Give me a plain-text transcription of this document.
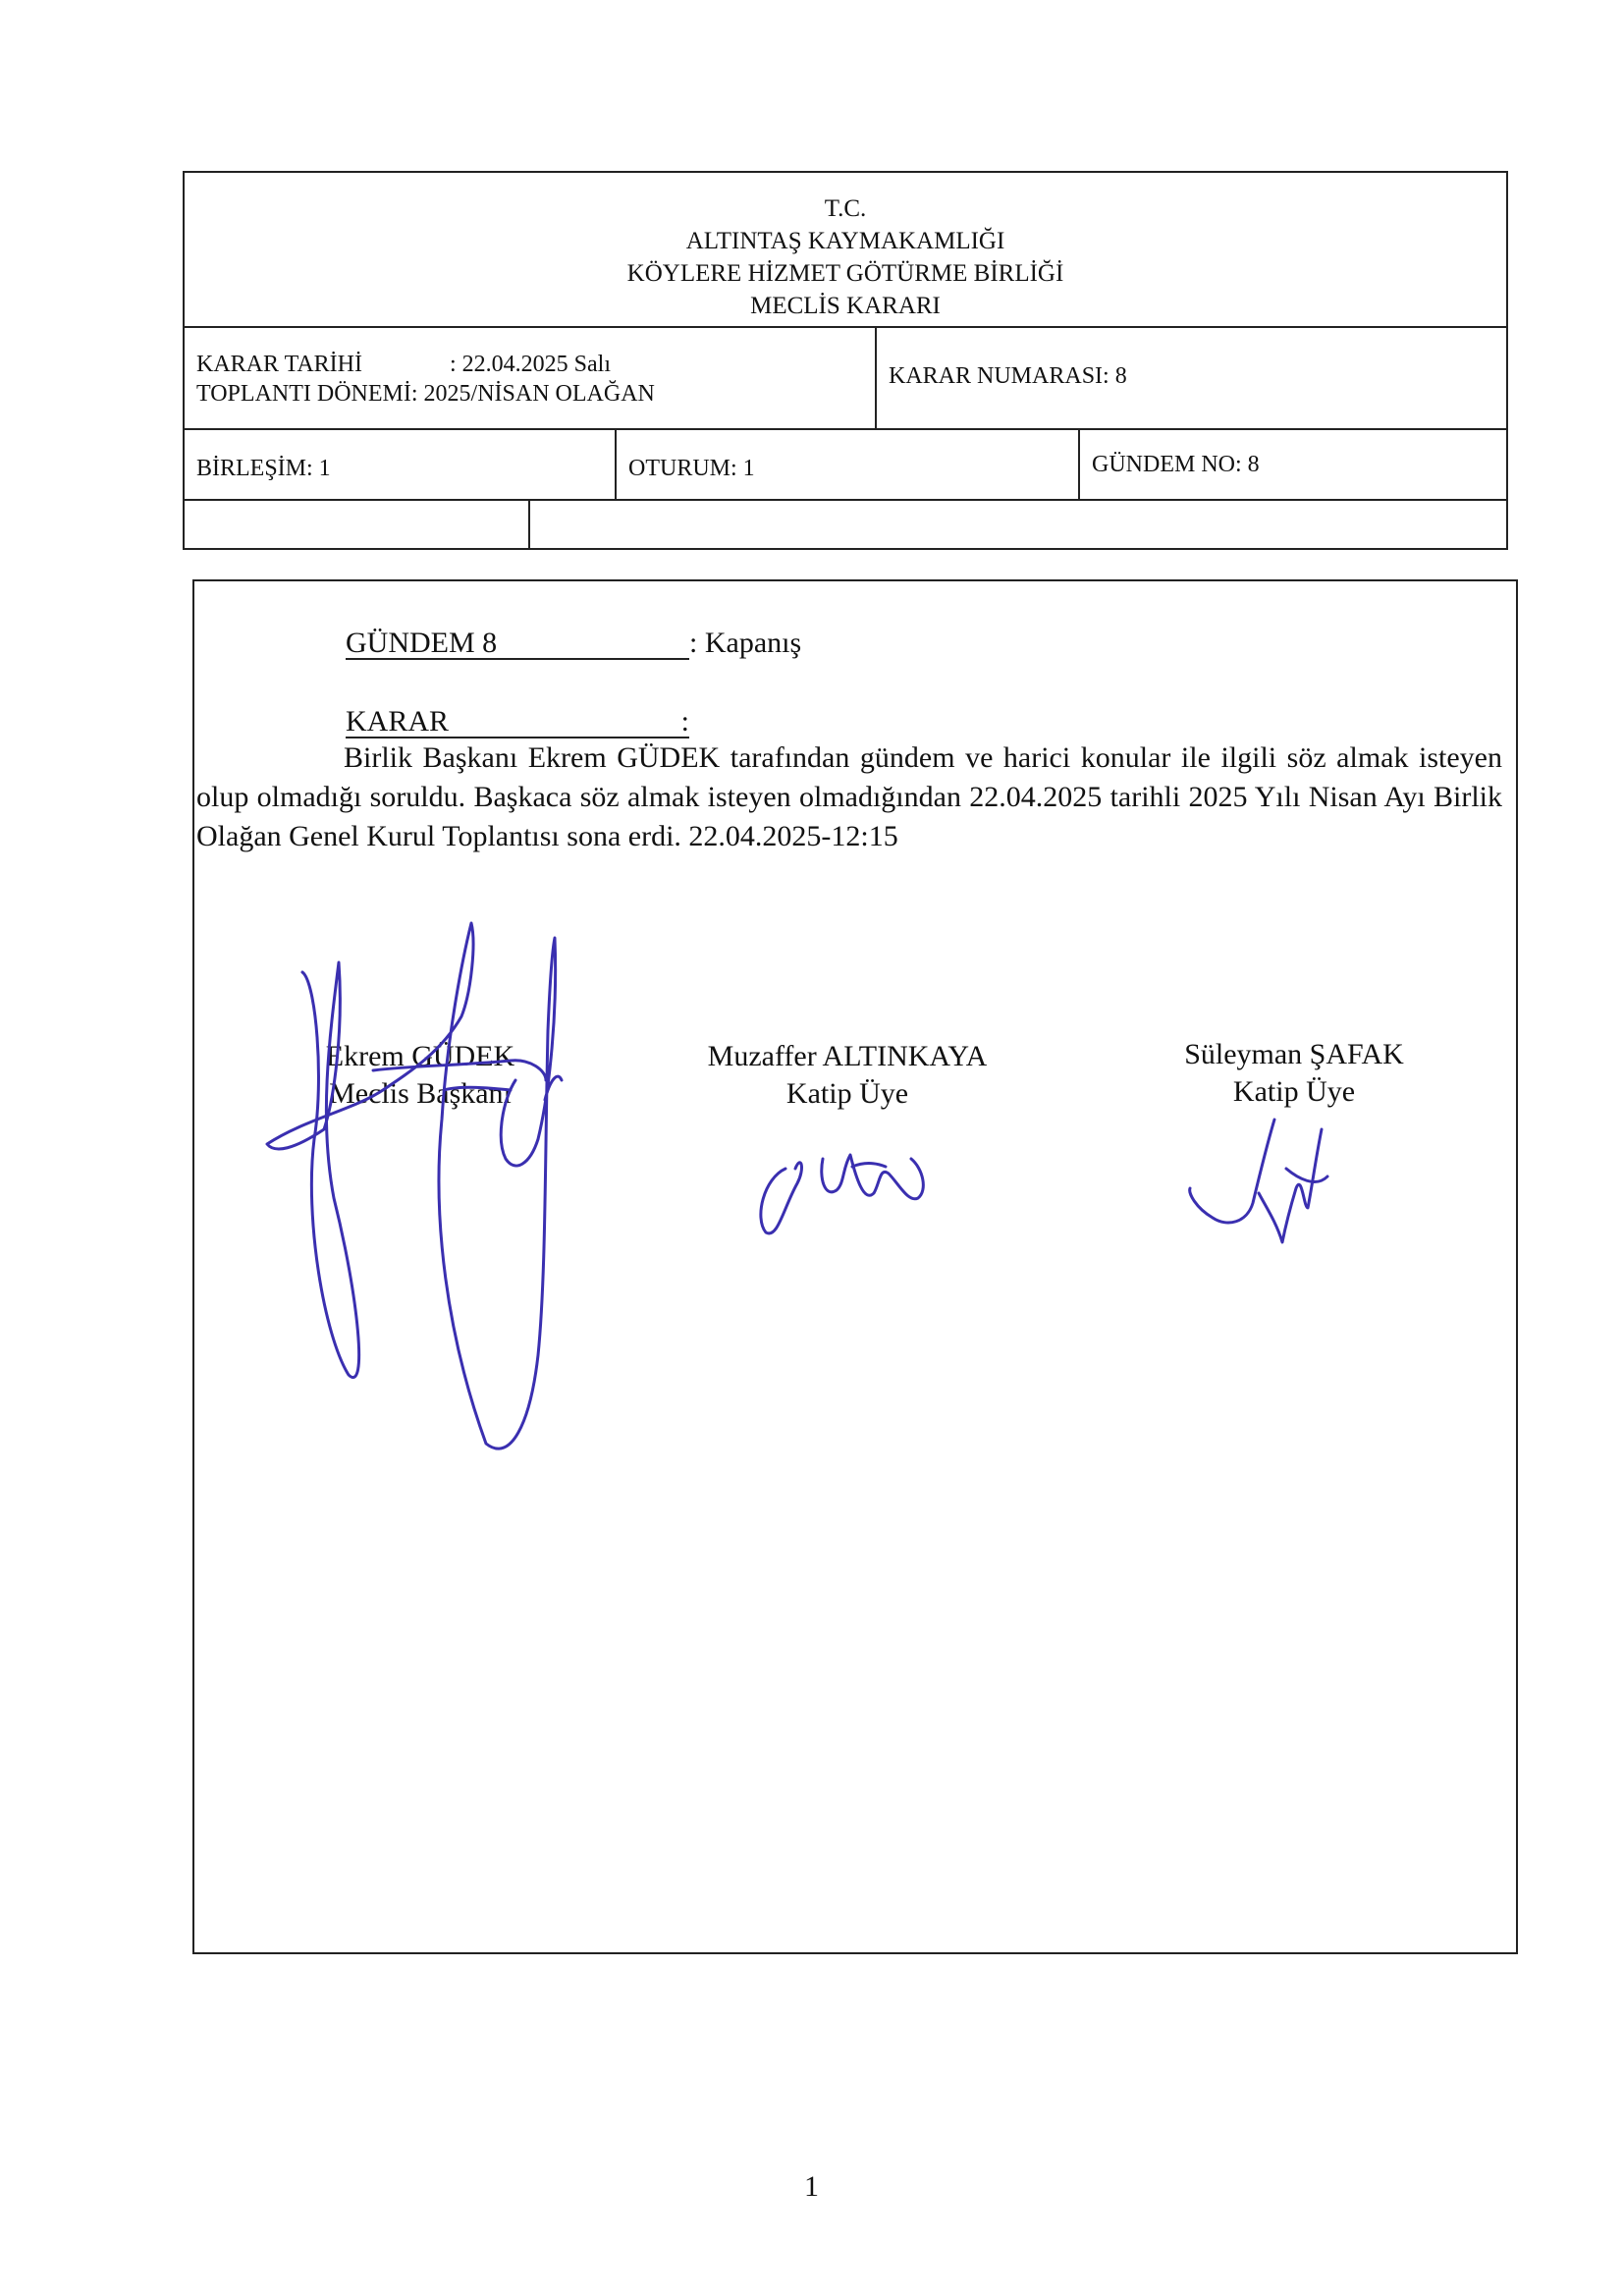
T.C.
ALTINTAŞ KAYMAKAMLIĞI
KÖYLERE HİZMET GÖTÜRME BİRLİĞİ
MECLİS KARARI
KARAR TARİHİ	: 22.04.2025 Salı
TOPLANTI DÖNEMİ: 2025/NİSAN OLAĞAN
KARAR NUMARASI: 8
BİRLEŞİM: 1	OTURUM: 1	GÜNDEM NO: 8
GÜNDEM 8	: Kapanış
KARAR	:
Birlik Başkanı Ekrem GÜDEK tarafından gündem ve harici konular ile ilgili söz almak isteyen olup olmadığı soruldu. Başkaca söz almak isteyen olmadığından 22.04.2025 tarihli 2025 Yılı Nisan Ayı Birlik Olağan Genel Kurul Toplantısı sona erdi. 22.04.2025-12:15
Ekrem GÜDEK
Meclis Başkanı
Muzaffer ALTINKAYA
Katip Üye
Süleyman ŞAFAK
Katip Üye
1
